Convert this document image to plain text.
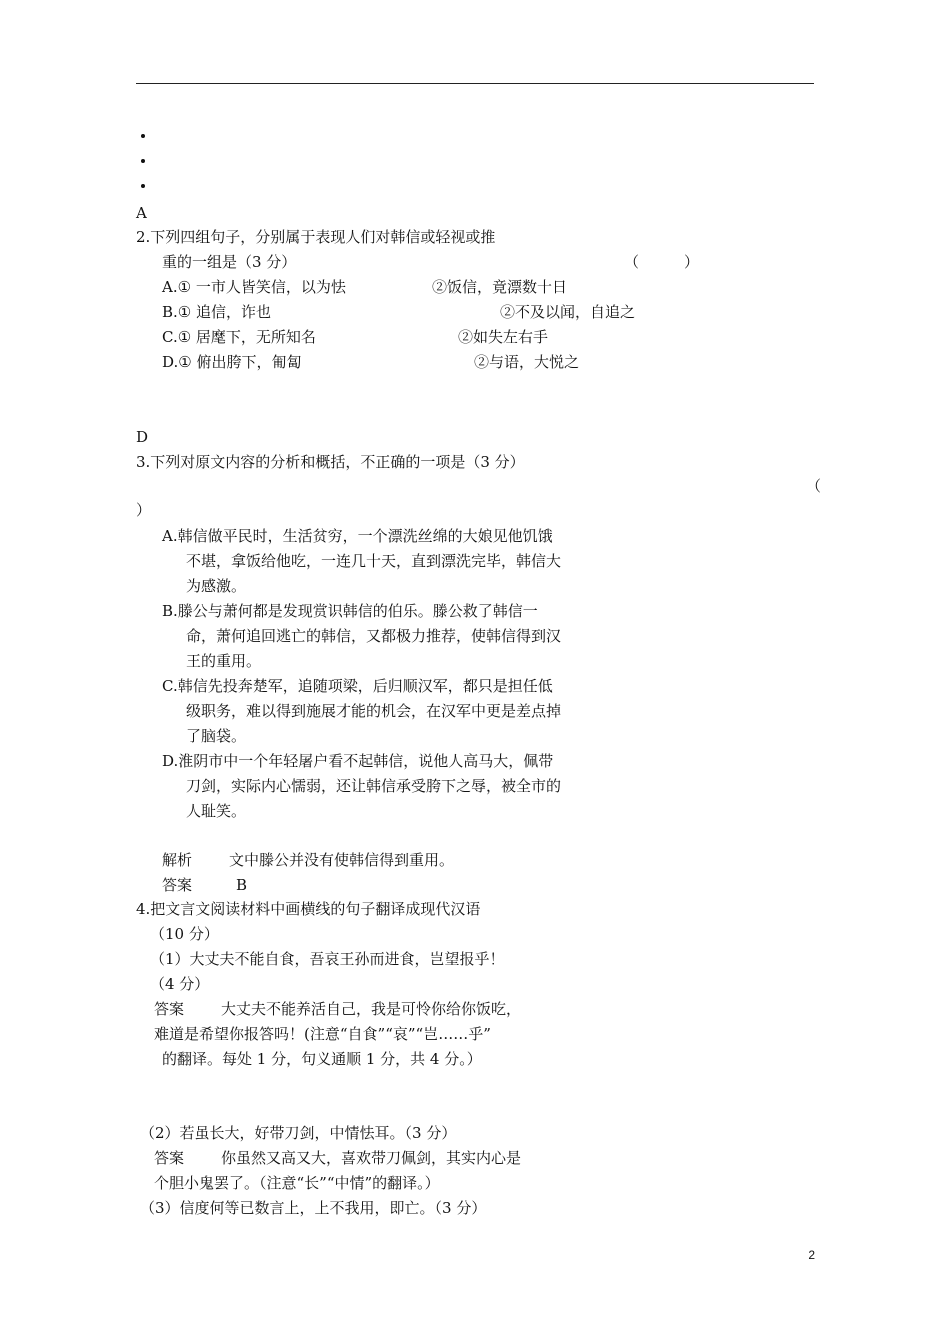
A
2.下列四组句子，分别属于表现人们对韩信或轻视或推
重的一组是（3 分）	（　　　）
A.① 一市人皆笑信，以为怯	②饭信，竟漂数十日
B.① 追信，诈也	②不及以闻，自追之
C.① 居麾下，无所知名	②如失左右手
D.① 俯出胯下，匍匐	②与语，大悦之
D
3.下列对原文内容的分析和概括，不正确的一项是（3 分）
（
）
A.韩信做平民时，生活贫穷，一个漂洗丝绵的大娘见他饥饿
不堪，拿饭给他吃，一连几十天，直到漂洗完毕，韩信大
为感激。
B.滕公与萧何都是发现赏识韩信的伯乐。滕公救了韩信一
命，萧何追回逃亡的韩信，又都极力推荐，使韩信得到汉
王的重用。
C.韩信先投奔楚军，追随项梁，后归顺汉军，都只是担任低
级职务，难以得到施展才能的机会，在汉军中更是差点掉
了脑袋。
D.淮阴市中一个年轻屠户看不起韩信，说他人高马大，佩带
刀剑，实际内心懦弱，还让韩信承受胯下之辱，被全市的
人耻笑。
解析 文中滕公并没有使韩信得到重用。
答案	B
4.把文言文阅读材料中画横线的句子翻译成现代汉语
（10 分）
（1）大丈夫不能自食，吾哀王孙而进食，岂望报乎！
（4 分）
答案 大丈夫不能养活自己，我是可怜你给你饭吃，
难道是希望你报答吗！(注意“自食”“哀”“岂……乎”
的翻译。每处 1 分，句义通顺 1 分，共 4 分。）
（2）若虽长大，好带刀剑，中情怯耳。（3 分）
答案 你虽然又高又大，喜欢带刀佩剑，其实内心是
个胆小鬼罢了。（注意“长”“中情”的翻译。）
（3）信度何等已数言上，上不我用，即亡。（3 分）
2
